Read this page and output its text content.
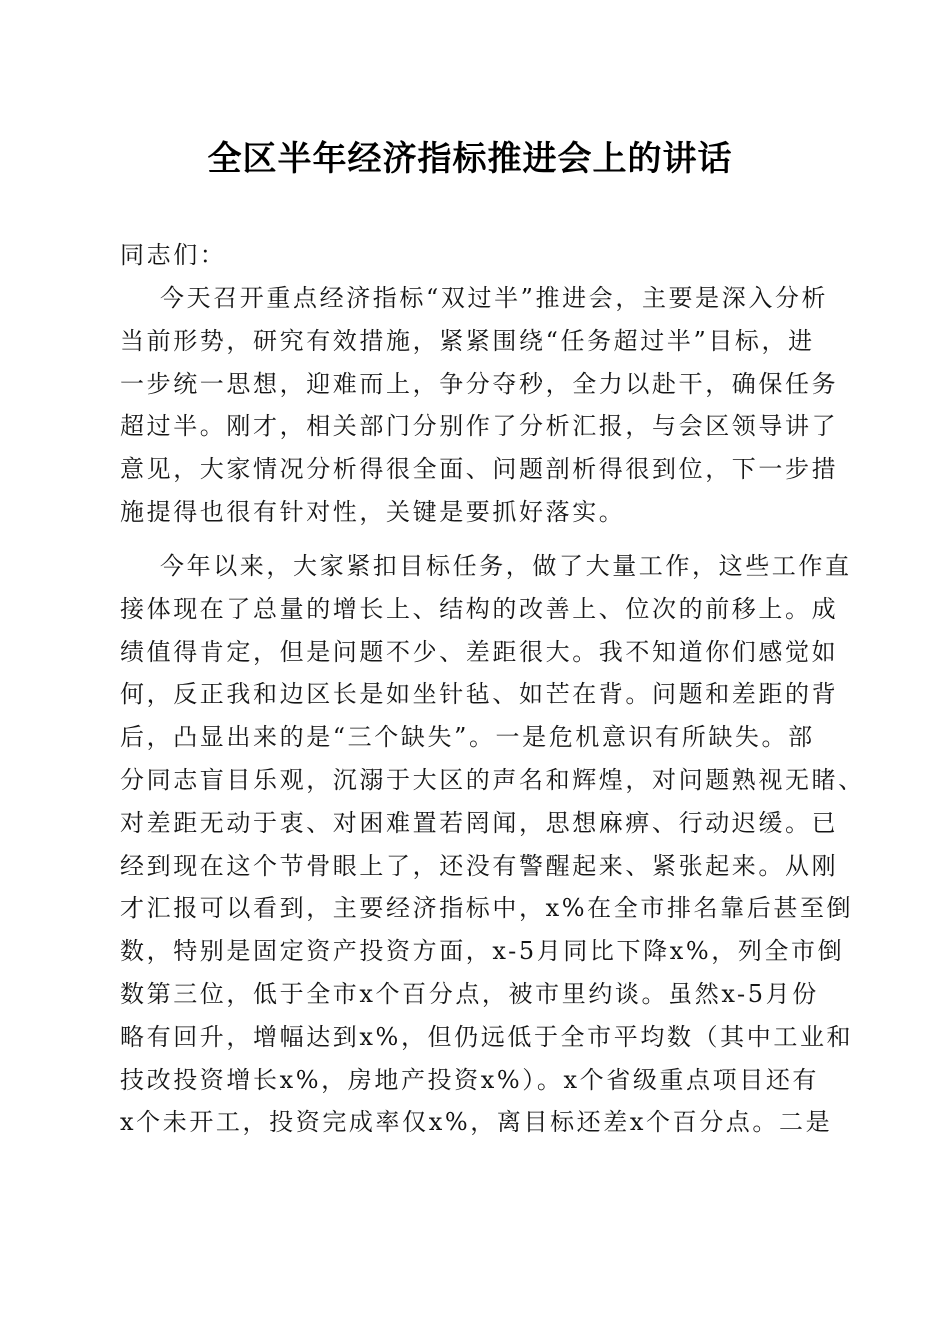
全区半年经济指标推进会上的讲话
同志们：
今天召开重点经济指标“双过半”推进会，主要是深入分析
当前形势，研究有效措施，紧紧围绕“任务超过半”目标，进
一步统一思想，迎难而上，争分夺秒，全力以赴干，确保任务
超过半。刚才，相关部门分别作了分析汇报，与会区领导讲了
意见，大家情况分析得很全面、问题剖析得很到位，下一步措
施提得也很有针对性，关键是要抓好落实。
今年以来，大家紧扣目标任务，做了大量工作，这些工作直
接体现在了总量的增长上、结构的改善上、位次的前移上。成
绩值得肯定，但是问题不少、差距很大。我不知道你们感觉如
何，反正我和边区长是如坐针毡、如芒在背。问题和差距的背
后，凸显出来的是“三个缺失”。一是危机意识有所缺失。部
分同志盲目乐观，沉溺于大区的声名和辉煌，对问题熟视无睹、
对差距无动于衷、对困难置若罔闻，思想麻痹、行动迟缓。已
经到现在这个节骨眼上了，还没有警醒起来、紧张起来。从刚
才汇报可以看到，主要经济指标中，x%在全市排名靠后甚至倒
数，特别是固定资产投资方面，x-5月同比下降x%，列全市倒
数第三位，低于全市x个百分点，被市里约谈。虽然x-5月份
略有回升，增幅达到x%，但仍远低于全市平均数（其中工业和
技改投资增长x%，房地产投资x%）。x个省级重点项目还有
x个未开工，投资完成率仅x%，离目标还差x个百分点。二是
